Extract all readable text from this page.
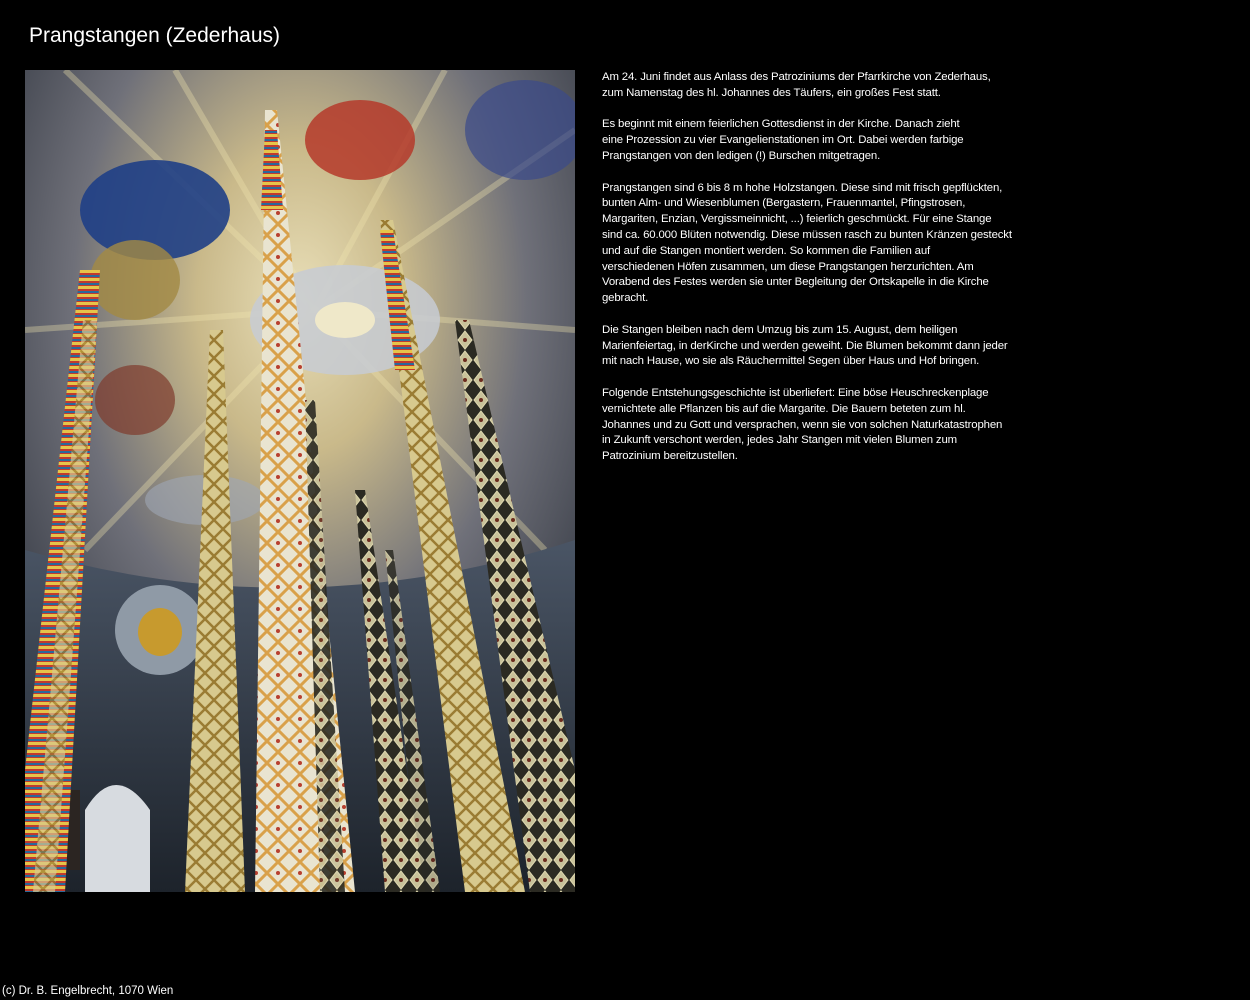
Prangstangen (Zederhaus)

Am 24. Juni findet aus Anlass des Patroziniums der Pfarrkirche von Zederhaus,
zum Namenstag des hl. Johannes des Täufers, ein großes Fest statt.

Es beginnt mit einem feierlichen Gottesdienst in der Kirche. Danach zieht
eine Prozession zu vier Evangelienstationen im Ort. Dabei werden farbige
Prangstangen von den ledigen (!) Burschen mitgetragen.

Prangstangen sind 6 bis 8 m hohe Holzstangen. Diese sind mit frisch gepflückten,
bunten Alm- und Wiesenblumen (Bergastern, Frauenmantel, Pfingstrosen,
Margariten, Enzian, Vergissmeinnicht, ...) feierlich geschmückt. Für eine Stange
sind ca. 60.000 Blüten notwendig. Diese müssen rasch zu bunten Kränzen gesteckt
und auf die Stangen montiert werden. So kommen die Familien auf
verschiedenen Höfen zusammen, um diese Prangstangen herzurichten. Am
Vorabend des Festes werden sie unter Begleitung der Ortskapelle in die Kirche
gebracht.

Die Stangen bleiben nach dem Umzug bis zum 15. August, dem heiligen
Marienfeiertag, in derKirche und werden geweiht. Die Blumen bekommt dann jeder
mit nach Hause, wo sie als Räuchermittel Segen über Haus und Hof bringen.

Folgende Entstehungsgeschichte ist überliefert: Eine böse Heuschreckenplage
vernichtete alle Pflanzen bis auf die Margarite. Die Bauern beteten zum hl.
Johannes und zu Gott und versprachen, wenn sie von solchen Naturkatastrophen
in Zukunft verschont werden, jedes Jahr Stangen mit vielen Blumen zum
Patrozinium bereitzustellen.

(c) Dr. B. Engelbrecht, 1070 Wien
